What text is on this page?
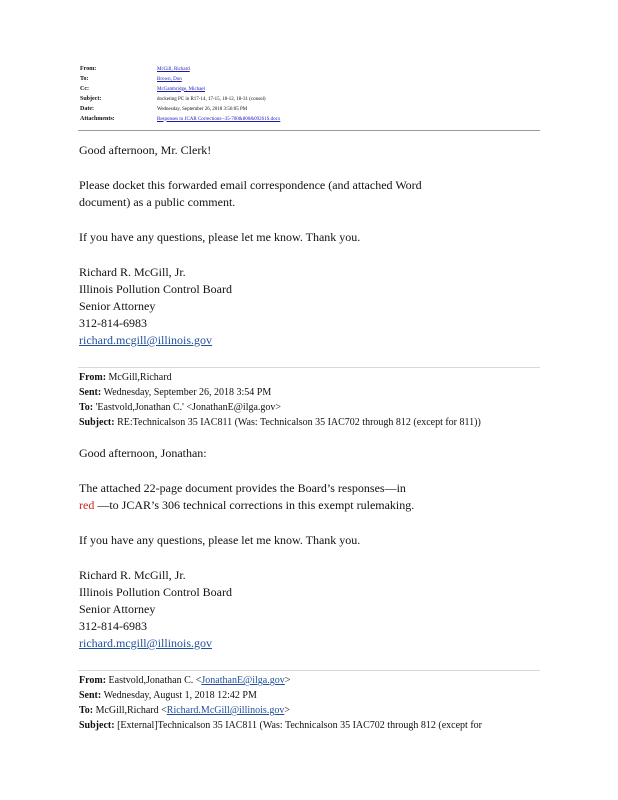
From:	McGill, Richard
To:	Brown, Don
Cc:	McGambridge, Michael
Subject:	docketing PC in R17-14, 17-15, 18-12, 18-31 (consol)
Date:	Wednesday, September 26, 2018 3:56:05 PM
Attachments:	Responses to JCAR Corrections--35-700&800&09261S.docx
Good afternoon, Mr. Clerk!
Please docket this forwarded email correspondence (and attached Word
document) as a public comment.
If you have any questions, please let me know. Thank you.
Richard R. McGill, Jr.
Illinois Pollution Control Board
Senior Attorney
312-814-6983
richard.mcgill@illinois.gov
From: McGill,Richard
Sent: Wednesday, September 26, 2018 3:54 PM
To: 'Eastvold,Jonathan C.' <JonathanE@ilga.gov>
Subject: RE:Technicalson 35 IAC811 (Was: Technicalson 35 IAC702 through 812 (except for 811))
Good afternoon, Jonathan:
The attached 22-page document provides the Board’s responses—in
red —to JCAR’s 306 technical corrections in this exempt rulemaking.
If you have any questions, please let me know. Thank you.
Richard R. McGill, Jr.
Illinois Pollution Control Board
Senior Attorney
312-814-6983
richard.mcgill@illinois.gov
From: Eastvold,Jonathan C. <JonathanE@ilga.gov>
Sent: Wednesday, August 1, 2018 12:42 PM
To: McGill,Richard <Richard.McGill@illinois.gov>
Subject: [External]Technicalson 35 IAC811 (Was: Technicalson 35 IAC702 through 812 (except for
